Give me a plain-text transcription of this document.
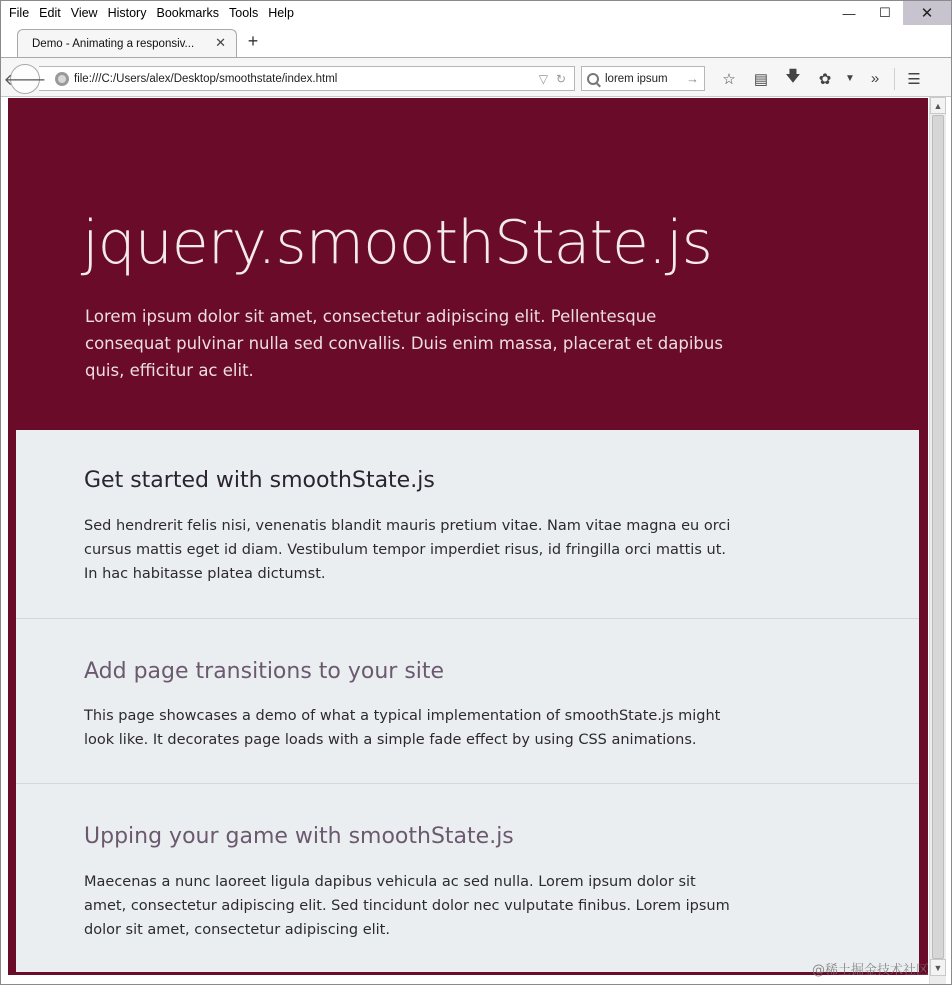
File Edit View History Bookmarks Tools Help	— ☐ ✕
Demo - Animating a responsiv...	✕ +
file:///C:/Users/alex/Desktop/smoothstate/index.html	▽ ↻
🡐	lorem ipsum	→	☆	▤	🡇	✿	▼	»	☰
jquery.smoothState.js

Lorem ipsum dolor sit amet, consectetur adipiscing elit. Pellentesque consequat pulvinar nulla sed convallis. Duis enim massa, placerat et dapibus quis, efficitur ac elit.

Get started with smoothState.js

Sed hendrerit felis nisi, venenatis blandit mauris pretium vitae. Nam vitae magna eu orci cursus mattis eget id diam. Vestibulum tempor imperdiet risus, id fringilla orci mattis ut. In hac habitasse platea dictumst.

Add page transitions to your site

This page showcases a demo of what a typical implementation of smoothState.js might look like. It decorates page loads with a simple fade effect by using CSS animations.

Upping your game with smoothState.js

Maecenas a nunc laoreet ligula dapibus vehicula ac sed nulla. Lorem ipsum dolor sit amet, consectetur adipiscing elit. Sed tincidunt dolor nec vulputate finibus. Lorem ipsum dolor sit amet, consectetur adipiscing elit.

▲
▼
@稀土掘金技术社区
